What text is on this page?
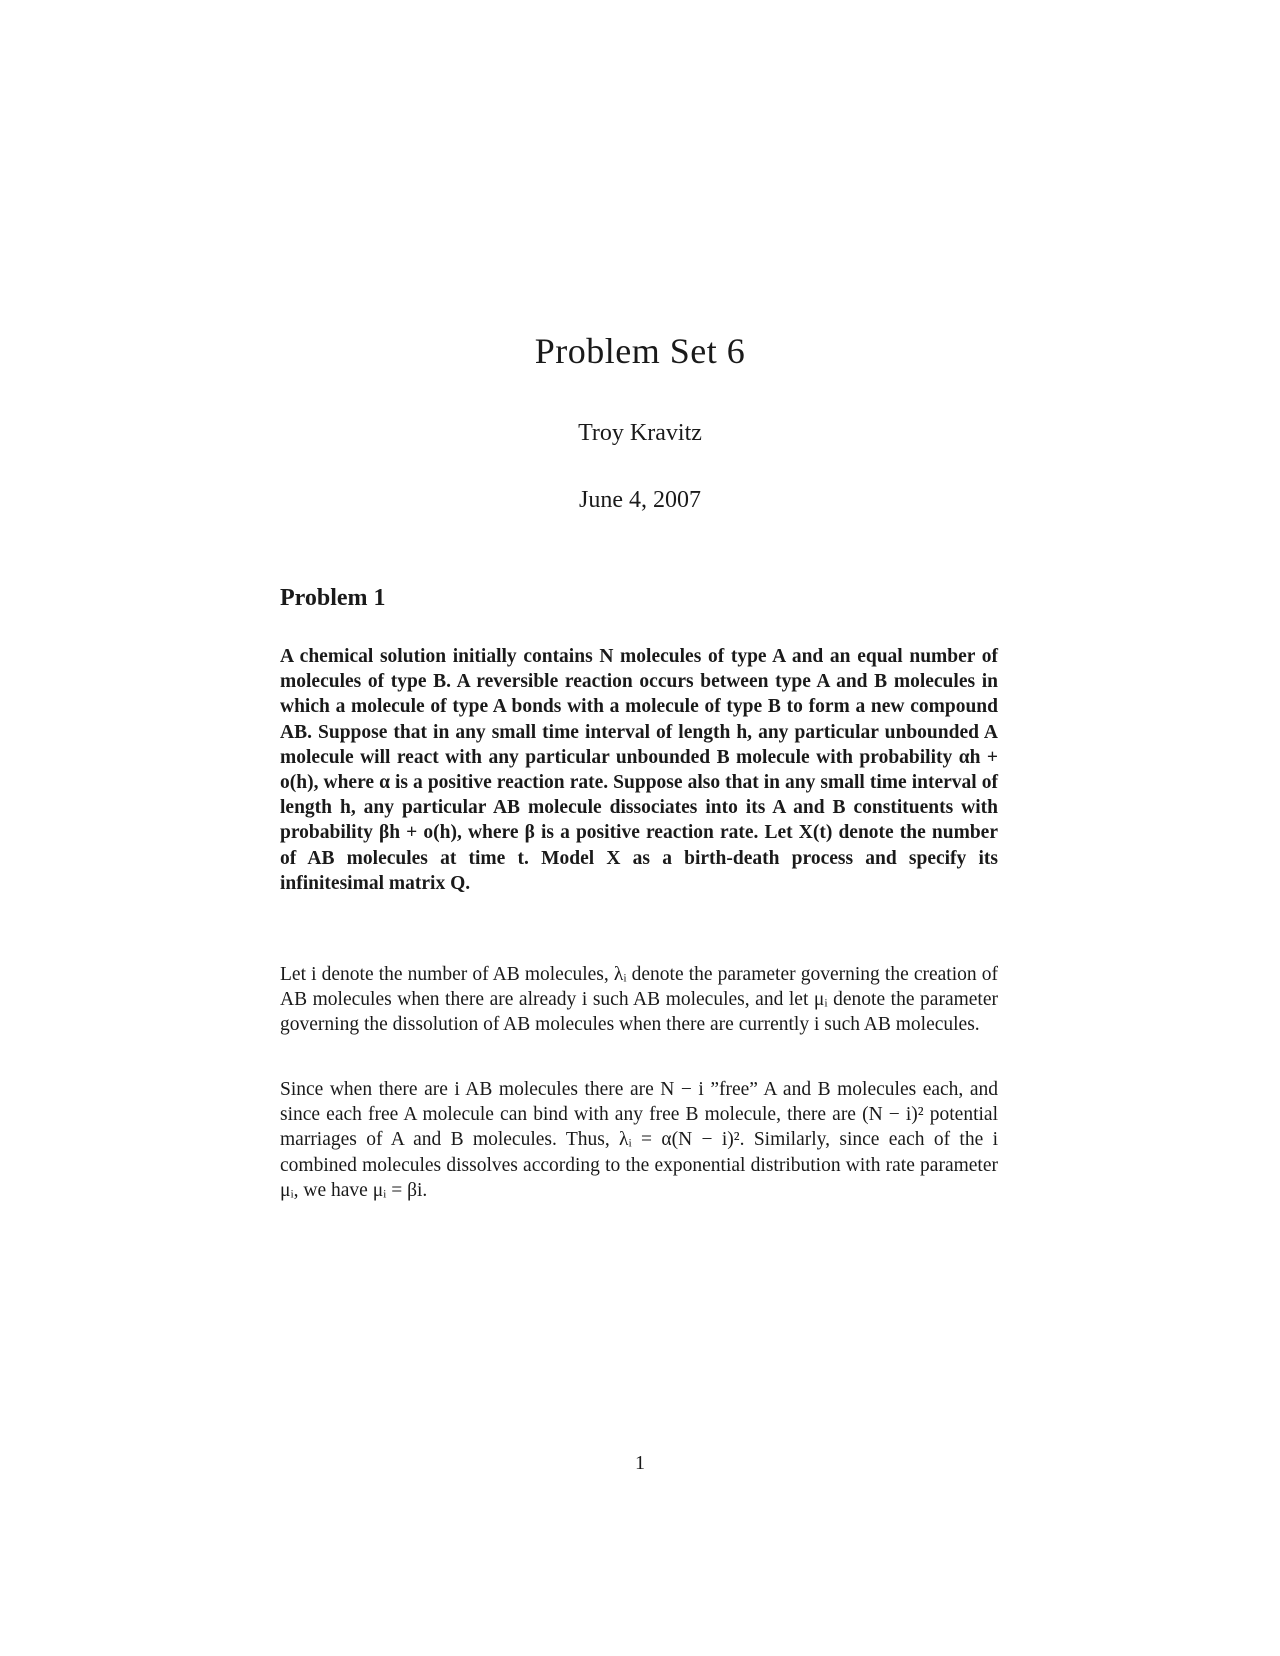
Problem Set 6
Troy Kravitz
June 4, 2007
Problem 1
A chemical solution initially contains N molecules of type A and an equal number of molecules of type B. A reversible reaction occurs between type A and B molecules in which a molecule of type A bonds with a molecule of type B to form a new compound AB. Suppose that in any small time interval of length h, any particular unbounded A molecule will react with any particular unbounded B molecule with probability αh + o(h), where α is a positive reaction rate. Suppose also that in any small time interval of length h, any particular AB molecule dissociates into its A and B constituents with probability βh + o(h), where β is a positive reaction rate. Let X(t) denote the number of AB molecules at time t. Model X as a birth-death process and specify its infinitesimal matrix Q.
Let i denote the number of AB molecules, λᵢ denote the parameter governing the creation of AB molecules when there are already i such AB molecules, and let μᵢ denote the parameter governing the dissolution of AB molecules when there are currently i such AB molecules.
Since when there are i AB molecules there are N − i ”free” A and B molecules each, and since each free A molecule can bind with any free B molecule, there are (N − i)² potential marriages of A and B molecules. Thus, λᵢ = α(N − i)². Similarly, since each of the i combined molecules dissolves according to the exponential distribution with rate parameter μᵢ, we have μᵢ = βi.
1
